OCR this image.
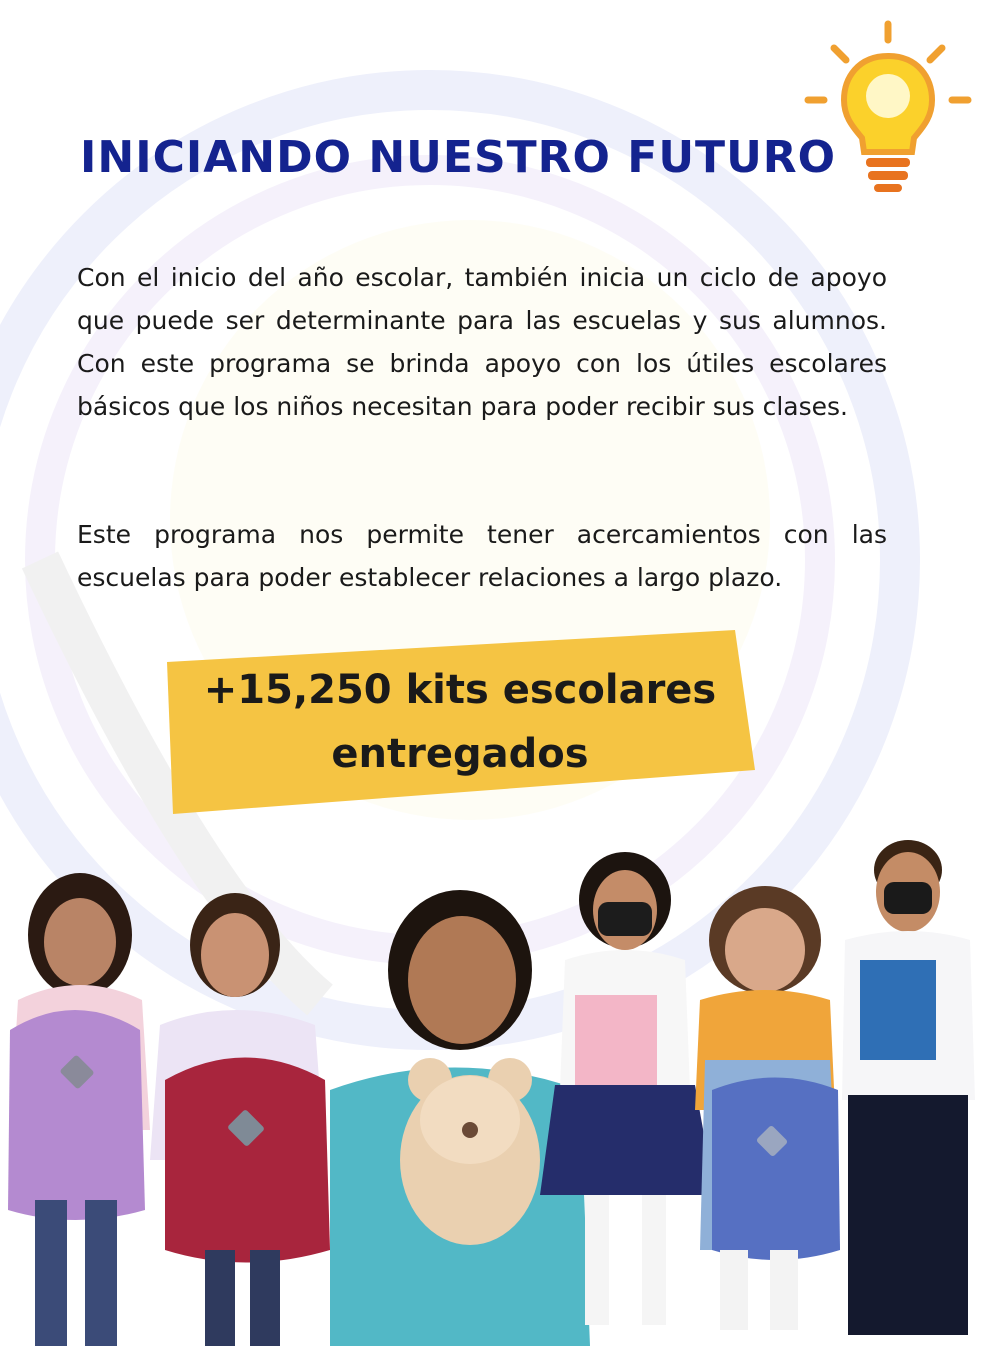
INICIANDO NUESTRO FUTURO

Con el inicio del año escolar, también inicia un ciclo de apoyo que puede ser determinante para las escuelas y sus alumnos. Con este programa se brinda apoyo con los útiles escolares básicos que los niños necesitan para poder recibir sus clases.

Este programa nos permite tener acercamientos con las escuelas para poder establecer relaciones a largo plazo.

+15,250 kits escolares entregados
